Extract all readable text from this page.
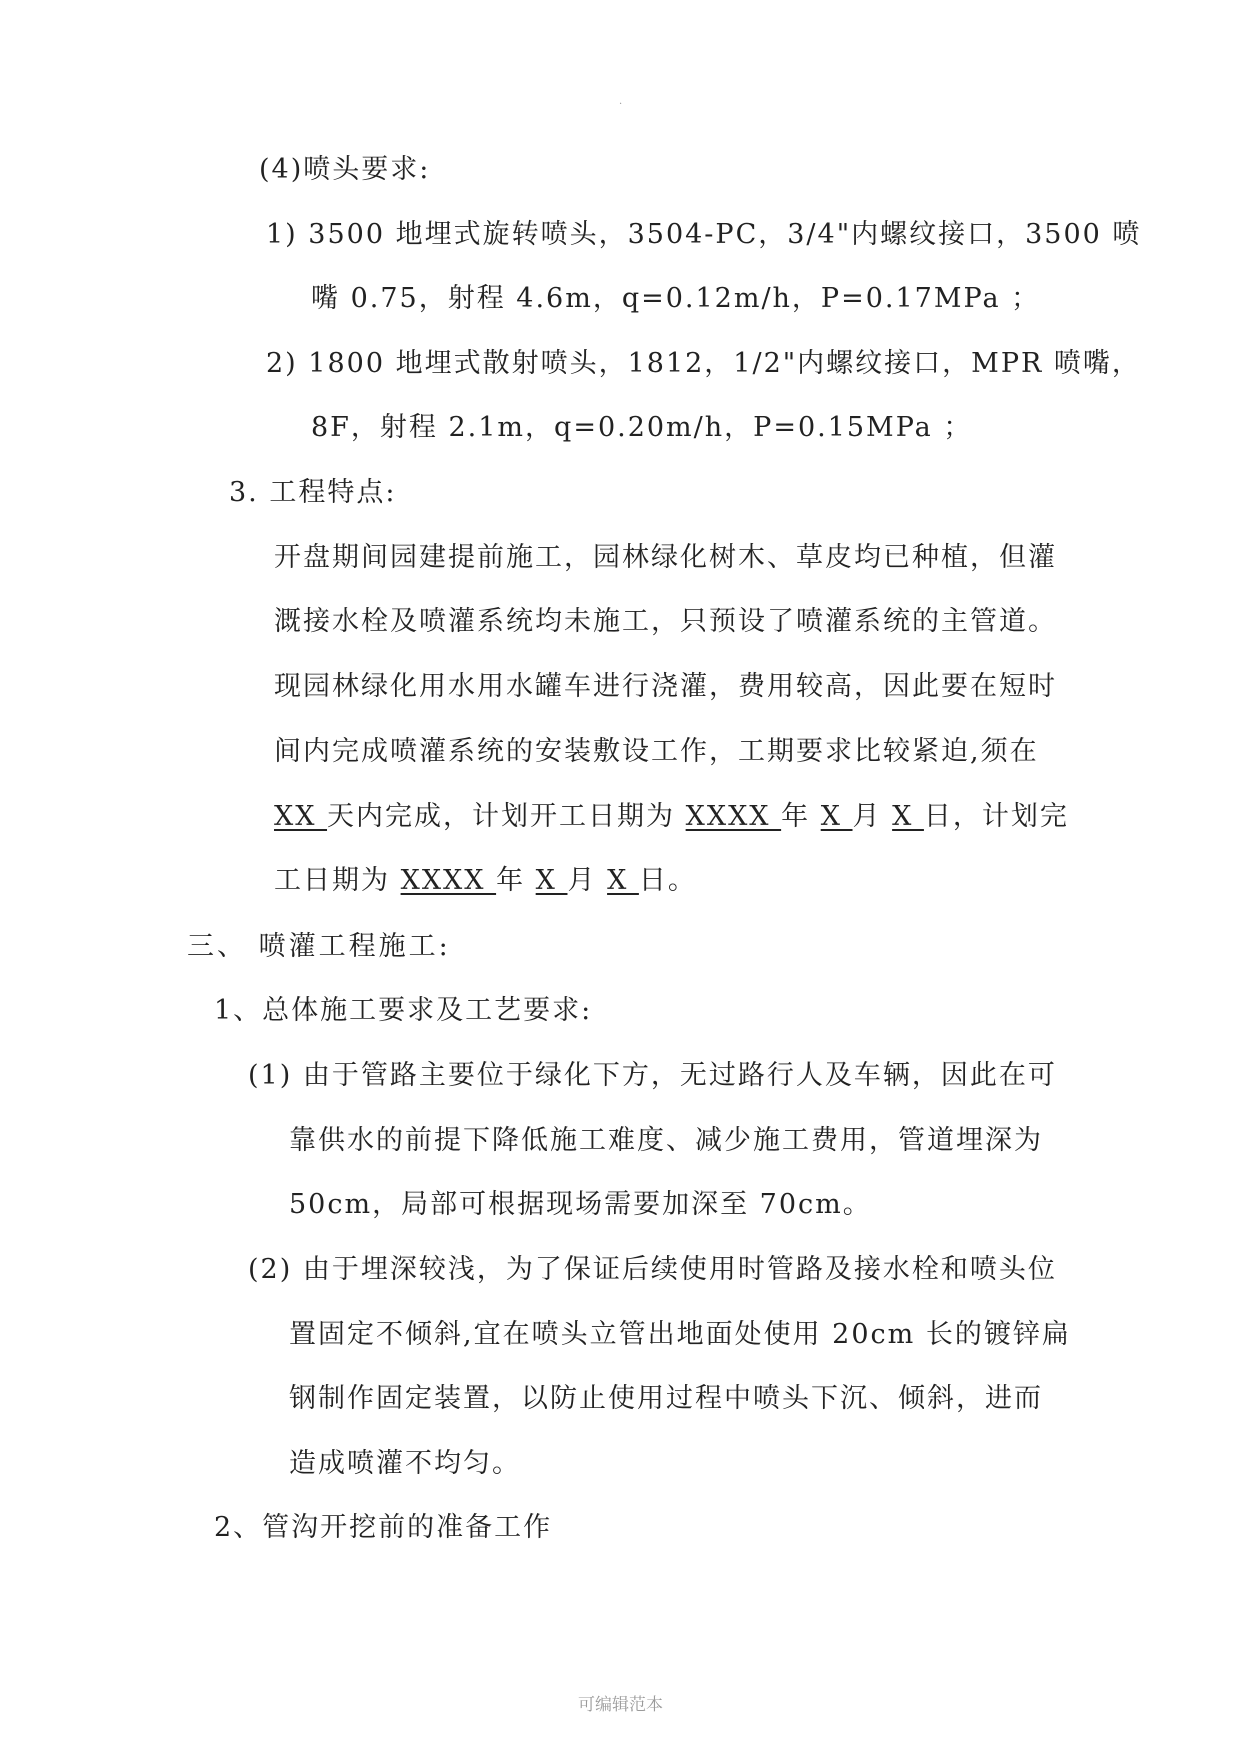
.
(4)喷头要求:
1) 3500 地埋式旋转喷头，3504-PC，3/4"内螺纹接口，3500 喷
嘴 0.75，射程 4.6m，q=0.12m/h，P=0.17MPa ；
2) 1800 地埋式散射喷头，1812，1/2"内螺纹接口，MPR 喷嘴，
8F，射程 2.1m，q=0.20m/h，P=0.15MPa ；
3. 工程特点:
开盘期间园建提前施工，园林绿化树木、草皮均已种植，但灌
溉接水栓及喷灌系统均未施工，只预设了喷灌系统的主管道。
现园林绿化用水用水罐车进行浇灌，费用较高，因此要在短时
间内完成喷灌系统的安装敷设工作，工期要求比较紧迫,须在
XX 天内完成，计划开工日期为 XXXX 年 X 月 X 日，计划完
工日期为 XXXX 年 X 月 X 日。
三、 喷灌工程施工:
1、总体施工要求及工艺要求:
(1) 由于管路主要位于绿化下方，无过路行人及车辆，因此在可
靠供水的前提下降低施工难度、减少施工费用，管道埋深为
50cm，局部可根据现场需要加深至 70cm。
(2) 由于埋深较浅，为了保证后续使用时管路及接水栓和喷头位
置固定不倾斜,宜在喷头立管出地面处使用 20cm 长的镀锌扁
钢制作固定装置，以防止使用过程中喷头下沉、倾斜，进而
造成喷灌不均匀。
2、管沟开挖前的准备工作
可编辑范本
